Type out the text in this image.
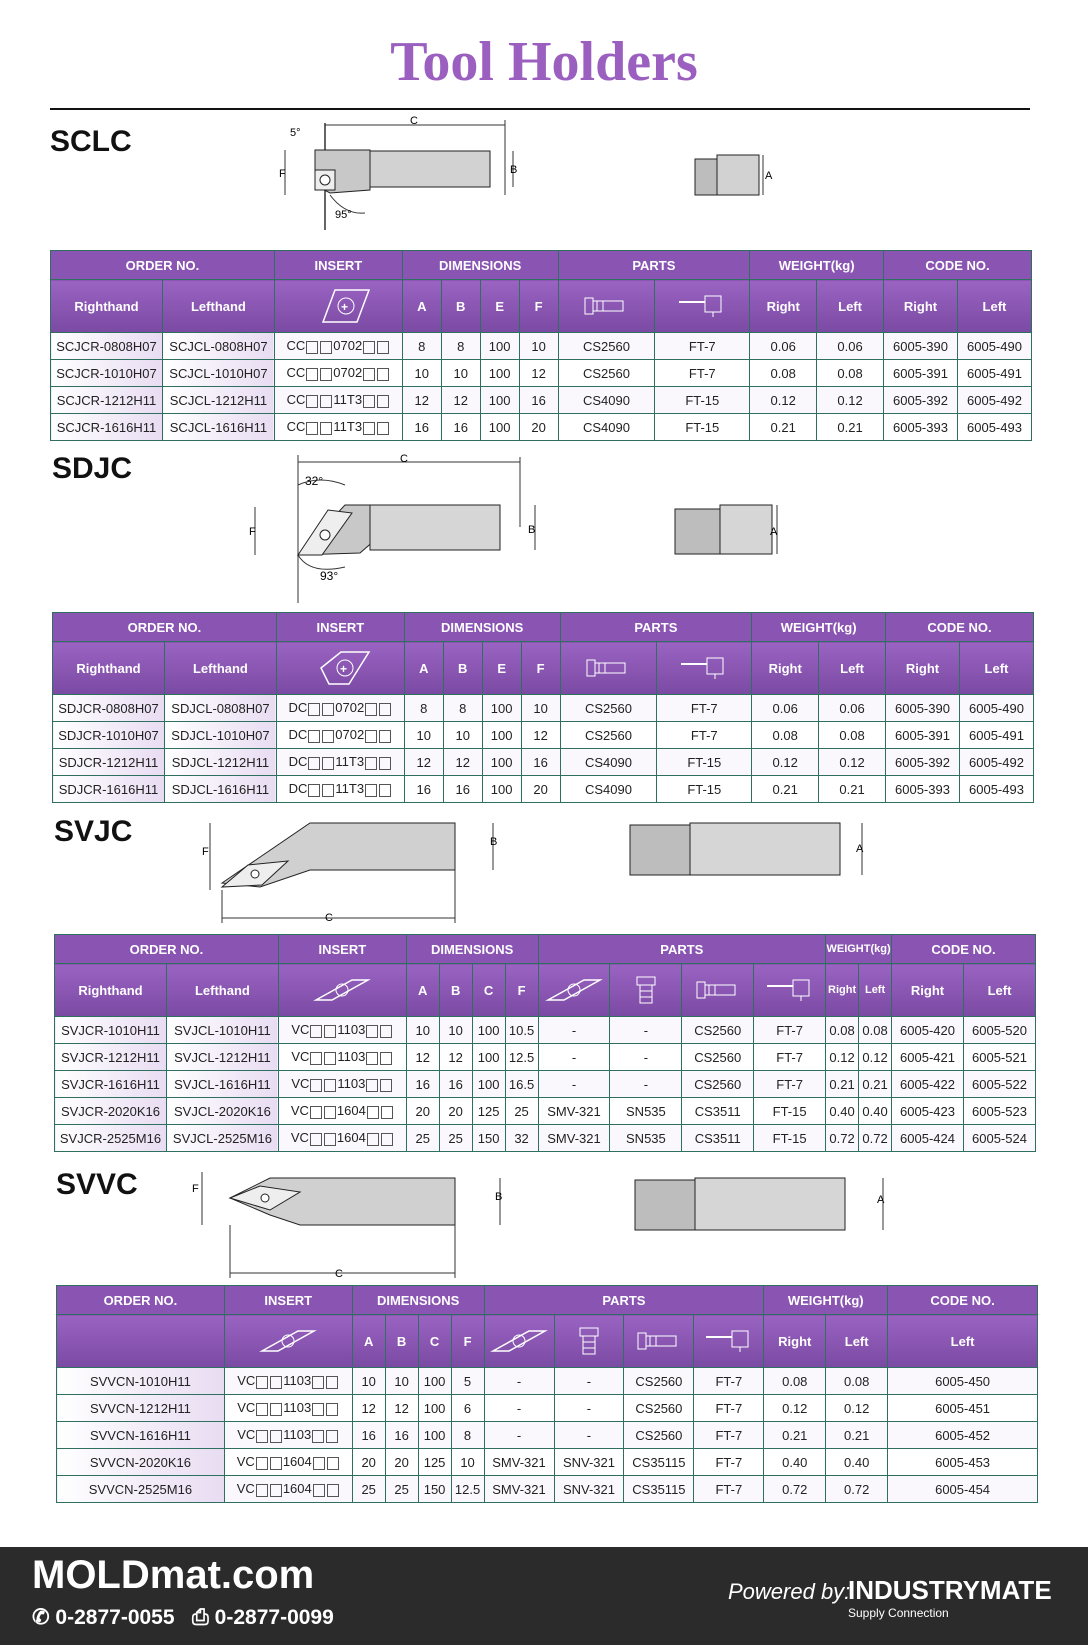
Tool Holders
SCLC
C
5°
F	B
95°
A
ORDER NO.		INSERT	DIMENSIONS				PARTS		WEIGHT(kg)		CODE NO.	
Righthand	Lefthand	+	A	B	E	F			Right	Left	Right	Left
SCJCR-0808H07	SCJCL-0808H07	CC 0702	8	8	100	10	CS2560	FT-7	0.06	0.06	6005-390	6005-490
SCJCR-1010H07	SCJCL-1010H07	CC 0702	10	10	100	12	CS2560	FT-7	0.08	0.08	6005-391	6005-491
SCJCR-1212H11	SCJCL-1212H11	CC 11T3	12	12	100	16	CS4090	FT-15	0.12	0.12	6005-392	6005-492
SCJCR-1616H11	SCJCL-1616H11	CC 11T3	16	16	100	20	CS4090	FT-15	0.21	0.21	6005-393	6005-493
SDJC	C
32°
F	B
93°
A
ORDER NO.		INSERT	DIMENSIONS				PARTS		WEIGHT(kg)		CODE NO.	
Righthand	Lefthand	+	A	B	E	F			Right	Left	Right	Left
SDJCR-0808H07	SDJCL-0808H07	DC 0702	8	8	100	10	CS2560	FT-7	0.06	0.06	6005-390	6005-490
SDJCR-1010H07	SDJCL-1010H07	DC 0702	10	10	100	12	CS2560	FT-7	0.08	0.08	6005-391	6005-491
SDJCR-1212H11	SDJCL-1212H11	DC 11T3	12	12	100	16	CS4090	FT-15	0.12	0.12	6005-392	6005-492
SDJCR-1616H11	SDJCL-1616H11	DC 11T3	16	16	100	20	CS4090	FT-15	0.21	0.21	6005-393	6005-493
SVJC
F
C
B
A
ORDER NO.		INSERT	DIMENSIONS				PARTS				WEIGHT(kg)		CODE NO.	
Righthand	Lefthand		A	B	C	F					Right	Left	Right	Left
SVJCR-1010H11	SVJCL-1010H11	VC 1103	10	10	100	10.5	-	-	CS2560	FT-7	0.08	0.08	6005-420	6005-520
SVJCR-1212H11	SVJCL-1212H11	VC 1103	12	12	100	12.5	-	-	CS2560	FT-7	0.12	0.12	6005-421	6005-521
SVJCR-1616H11	SVJCL-1616H11	VC 1103	16	16	100	16.5	-	-	CS2560	FT-7	0.21	0.21	6005-422	6005-522
SVJCR-2020K16	SVJCL-2020K16	VC 1604	20	20	125	25	SMV-321	SN535	CS3511	FT-15	0.40	0.40	6005-423	6005-523
SVJCR-2525M16	SVJCL-2525M16	VC 1604	25	25	150	32	SMV-321	SN535	CS3511	FT-15	0.72	0.72	6005-424	6005-524
SVVC	F
C
B	A
ORDER NO.	INSERT	DIMENSIONS				PARTS				WEIGHT(kg)		CODE NO.
		A	B	C	F					Right	Left	Left
SVVCN-1010H11	VC 1103	10	10	100	5	-	-	CS2560	FT-7	0.08	0.08	6005-450
SVVCN-1212H11	VC 1103	12	12	100	6	-	-	CS2560	FT-7	0.12	0.12	6005-451
SVVCN-1616H11	VC 1103	16	16	100	8	-	-	CS2560	FT-7	0.21	0.21	6005-452
SVVCN-2020K16	VC 1604	20	20	125	10	SMV-321	SNV-321	CS35115	FT-7	0.40	0.40	6005-453
SVVCN-2525M16	VC 1604	25	25	150	12.5	SMV-321	SNV-321	CS35115	FT-7	0.72	0.72	6005-454
MOLDmat.com
✆ 0-2877-0055 ⎙ 0-2877-0099
Powered by:
INDUSTRYMATE
Supply Connection
